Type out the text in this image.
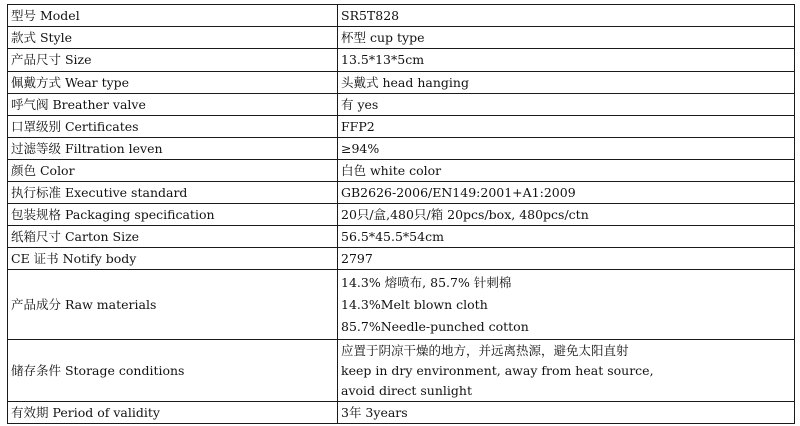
型号 Model	SR5T828
款式 Style	杯型 cup type
产品尺寸 Size	13.5*13*5cm
佩戴方式 Wear type	头戴式 head hanging
呼气阀 Breather valve	有 yes
口罩级别 Certificates	FFP2
过滤等级 Filtration leven	≥94%
颜色 Color	白色 white color
执行标准 Executive standard	GB2626-2006/EN149:2001+A1:2009
包装规格 Packaging specification	20只/盒,480只/箱 20pcs/box, 480pcs/ctn
纸箱尺寸 Carton Size	56.5*45.5*54cm
CE 证书 Notify body	2797
产品成分 Raw materials	14.3% 熔喷布, 85.7% 针刺棉
14.3%Melt blown cloth
85.7%Needle-punched cotton

储存条件 Storage conditions	应置于阴凉干燥的地方，并远离热源，避免太阳直射
keep in dry environment, away from heat source,
avoid direct sunlight

有效期 Period of validity	3年 3years
